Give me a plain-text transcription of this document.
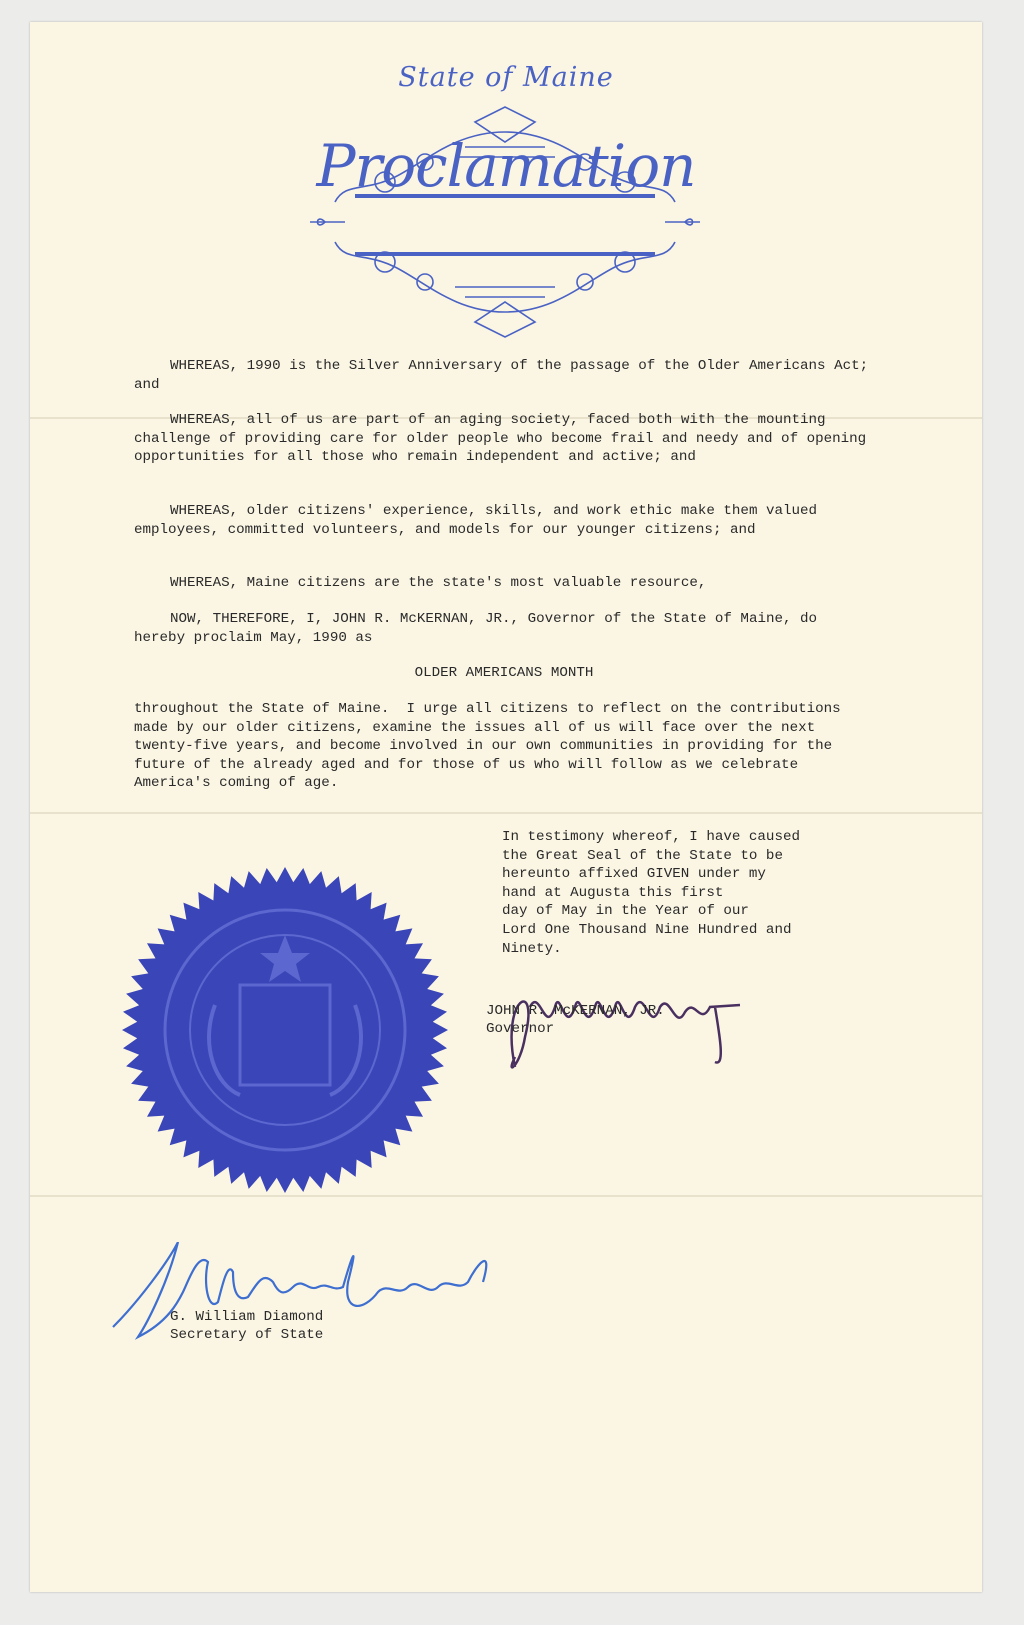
State of Maine
Proclamation
WHEREAS, 1990 is the Silver Anniversary of the passage of the Older Americans Act; and
WHEREAS, all of us are part of an aging society, faced both with the mounting challenge of providing care for older people who become frail and needy and of opening opportunities for all those who remain independent and active; and
WHEREAS, older citizens' experience, skills, and work ethic make them valued employees, committed volunteers, and models for our younger citizens; and
WHEREAS, Maine citizens are the state's most valuable resource,
NOW, THEREFORE, I, JOHN R. McKERNAN, JR., Governor of the State of Maine, do hereby proclaim May, 1990 as
OLDER AMERICANS MONTH
throughout the State of Maine.  I urge all citizens to reflect on the contributions made by our older citizens, examine the issues all of us will face over the next twenty-five years, and become involved in our own communities in providing for the future of the already aged and for those of us who will follow as we celebrate America's coming of age.
In testimony whereof, I have caused
the Great Seal of the State to be
hereunto affixed GIVEN under my
hand at Augusta this first
day of May in the Year of our
Lord One Thousand Nine Hundred and
Ninety.
JOHN R. McKERNAN, JR.
Governor
G. William Diamond
Secretary of State
